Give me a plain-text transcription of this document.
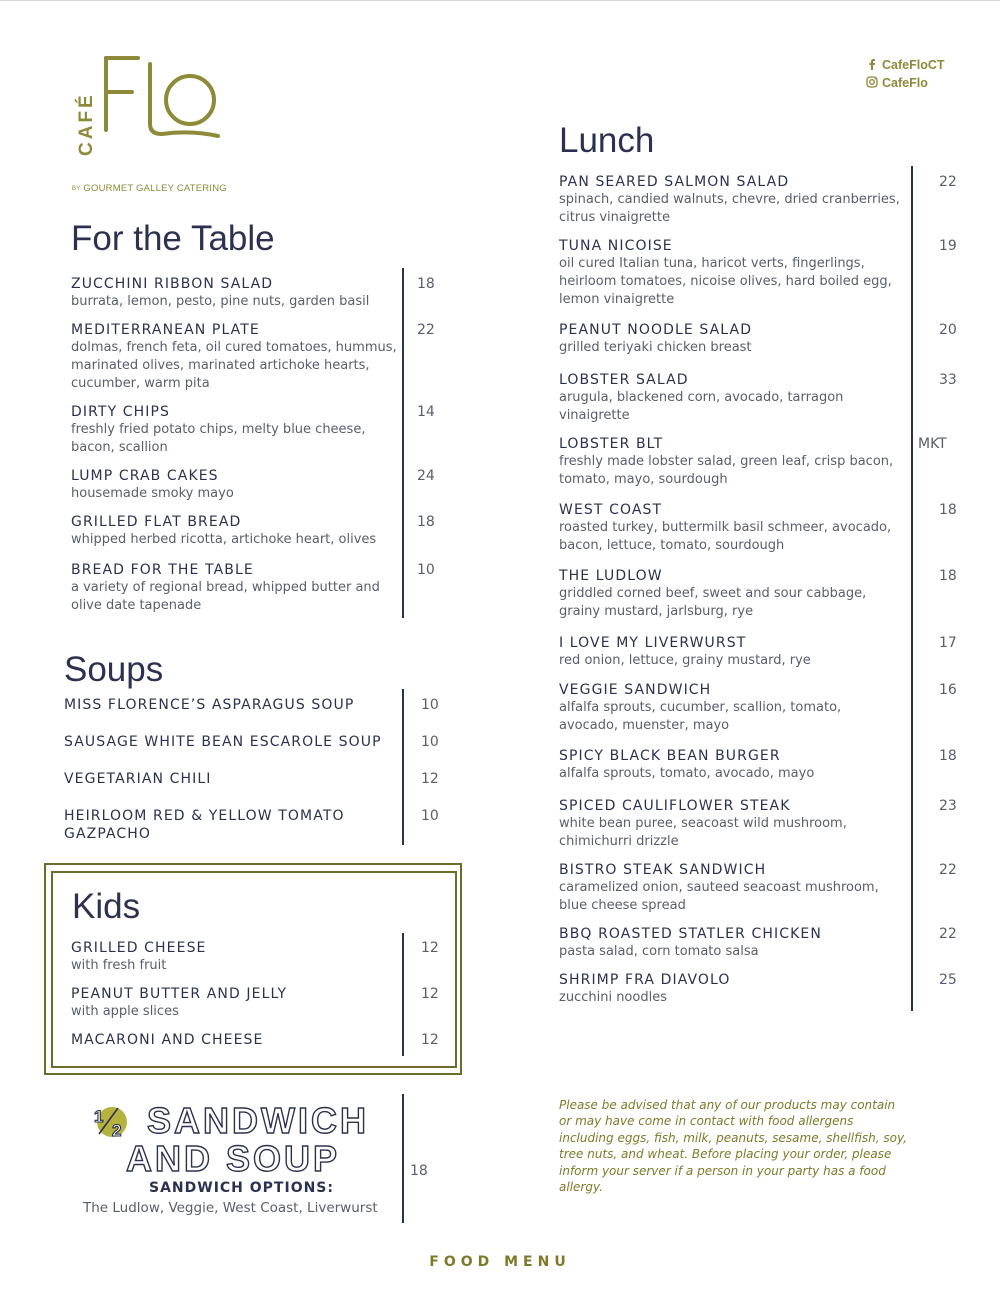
CAFÉ
BY GOURMET GALLEY CATERING
CafeFloCT
CafeFlo
For the Table
ZUCCHINI RIBBON SALAD
burrata, lemon, pesto, pine nuts, garden basil
18
MEDITERRANEAN PLATE
dolmas, french feta, oil cured tomatoes, hummus, marinated olives, marinated artichoke hearts, cucumber, warm pita
22
DIRTY CHIPS
freshly fried potato chips, melty blue cheese, bacon, scallion
14
LUMP CRAB CAKES
housemade smoky mayo
24
GRILLED FLAT BREAD
whipped herbed ricotta, artichoke heart, olives
18
BREAD FOR THE TABLE
a variety of regional bread, whipped butter and olive date tapenade
10
Soups
MISS FLORENCE’S ASPARAGUS SOUP	10
SAUSAGE WHITE BEAN ESCAROLE SOUP	10
VEGETARIAN CHILI	12
HEIRLOOM RED & YELLOW TOMATO GAZPACHO
10
Kids
GRILLED CHEESE
with fresh fruit
12
PEANUT BUTTER AND JELLY
with apple slices
12
MACARONI AND CHEESE	12
1
2 SANDWICH
AND SOUP
SANDWICH OPTIONS:
The Ludlow, Veggie, West Coast, Liverwurst
18
Lunch
PAN SEARED SALMON SALAD
spinach, candied walnuts, chevre, dried cranberries, citrus vinaigrette
22
TUNA NICOISE
oil cured Italian tuna, haricot verts, fingerlings, heirloom tomatoes, nicoise olives, hard boiled egg, lemon vinaigrette
19
PEANUT NOODLE SALAD
grilled teriyaki chicken breast
20
LOBSTER SALAD
arugula, blackened corn, avocado, tarragon vinaigrette
33
LOBSTER BLT
freshly made lobster salad, green leaf, crisp bacon, tomato, mayo, sourdough
MKT
WEST COAST
roasted turkey, buttermilk basil schmeer, avocado, bacon, lettuce, tomato, sourdough
18
THE LUDLOW
griddled corned beef, sweet and sour cabbage, grainy mustard, jarlsburg, rye
18
I LOVE MY LIVERWURST
red onion, lettuce, grainy mustard, rye
17
VEGGIE SANDWICH
alfalfa sprouts, cucumber, scallion, tomato, avocado, muenster, mayo
16
SPICY BLACK BEAN BURGER
alfalfa sprouts, tomato, avocado, mayo
18
SPICED CAULIFLOWER STEAK
white bean puree, seacoast wild mushroom, chimichurri drizzle
23
BISTRO STEAK SANDWICH
caramelized onion, sauteed seacoast mushroom, blue cheese spread
22
BBQ ROASTED STATLER CHICKEN
pasta salad, corn tomato salsa
22
SHRIMP FRA DIAVOLO
zucchini noodles
25
Please be advised that any of our products may contain or may have come in contact with food allergens including eggs, fish, milk, peanuts, sesame, shellfish, soy, tree nuts, and wheat. Before placing your order, please inform your server if a person in your party has a food allergy.
FOOD MENU
